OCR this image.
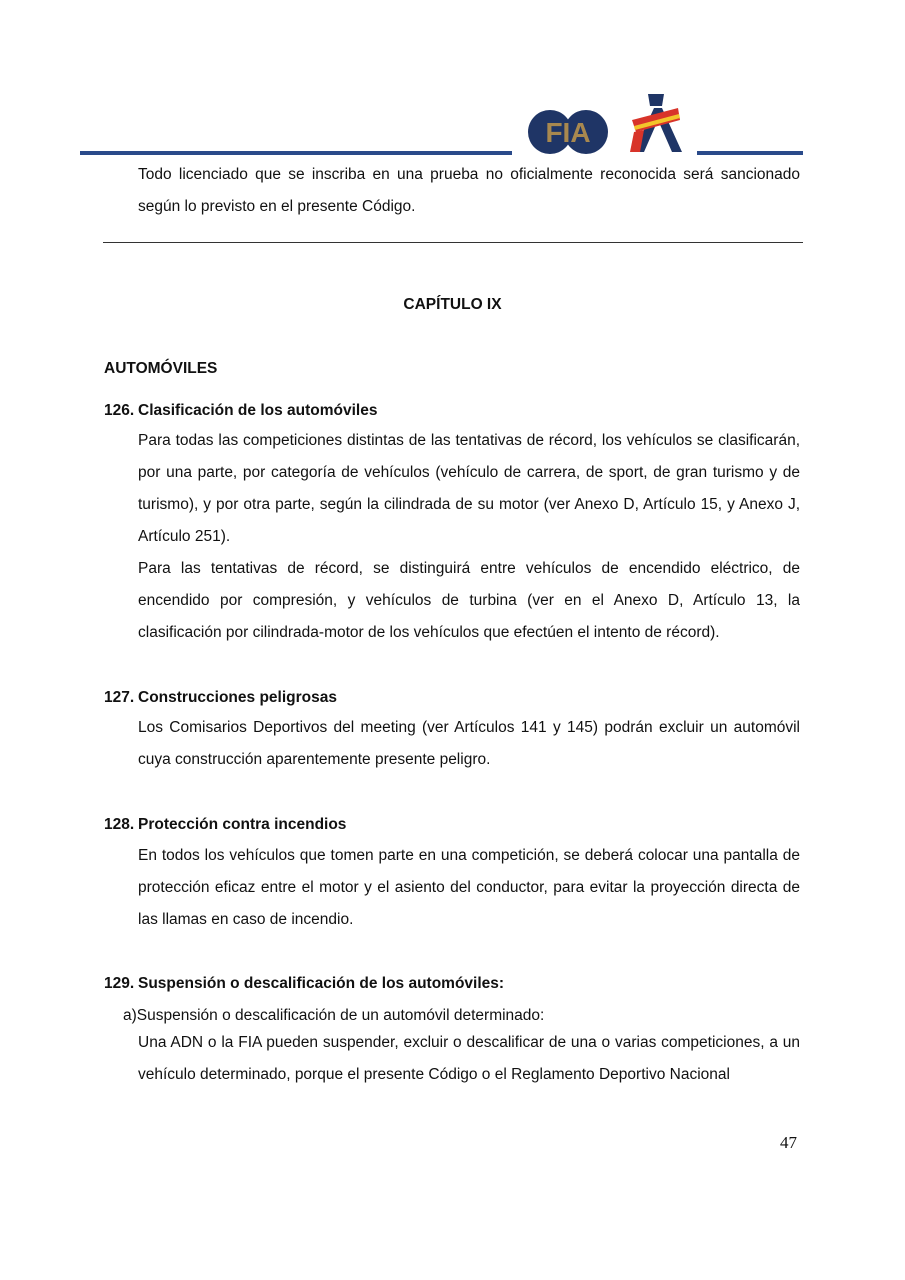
FIA
Todo licenciado que se inscriba en una prueba no oficialmente reconocida será sancionado según lo previsto en el presente Código.
CAPÍTULO IX
AUTOMÓVILES
126. Clasificación de los automóviles
Para todas las competiciones distintas de las tentativas de récord, los vehículos se clasificarán, por una parte, por categoría de vehículos (vehículo de carrera, de sport, de gran turismo y de turismo), y por otra parte, según la cilindrada de su motor (ver Anexo D, Artículo 15, y Anexo J, Artículo 251).
Para las tentativas de récord, se distinguirá entre vehículos de encendido eléctrico, de encendido por compresión, y vehículos de turbina (ver en el Anexo D, Artículo 13, la clasificación por cilindrada-motor de los vehículos que efectúen el intento de récord).
127. Construcciones peligrosas
Los Comisarios Deportivos del meeting (ver Artículos 141 y 145) podrán excluir un automóvil cuya construcción aparentemente presente peligro.
128. Protección contra incendios
En todos los vehículos que tomen parte en una competición, se deberá colocar una pantalla de protección eficaz entre el motor y el asiento del conductor, para evitar la proyección directa de las llamas en caso de incendio.
129. Suspensión o descalificación de los automóviles:
a)Suspensión o descalificación de un automóvil determinado:
Una ADN o la FIA pueden suspender, excluir o descalificar de una o varias competiciones, a un vehículo determinado, porque el presente Código o el Reglamento Deportivo Nacional
47
